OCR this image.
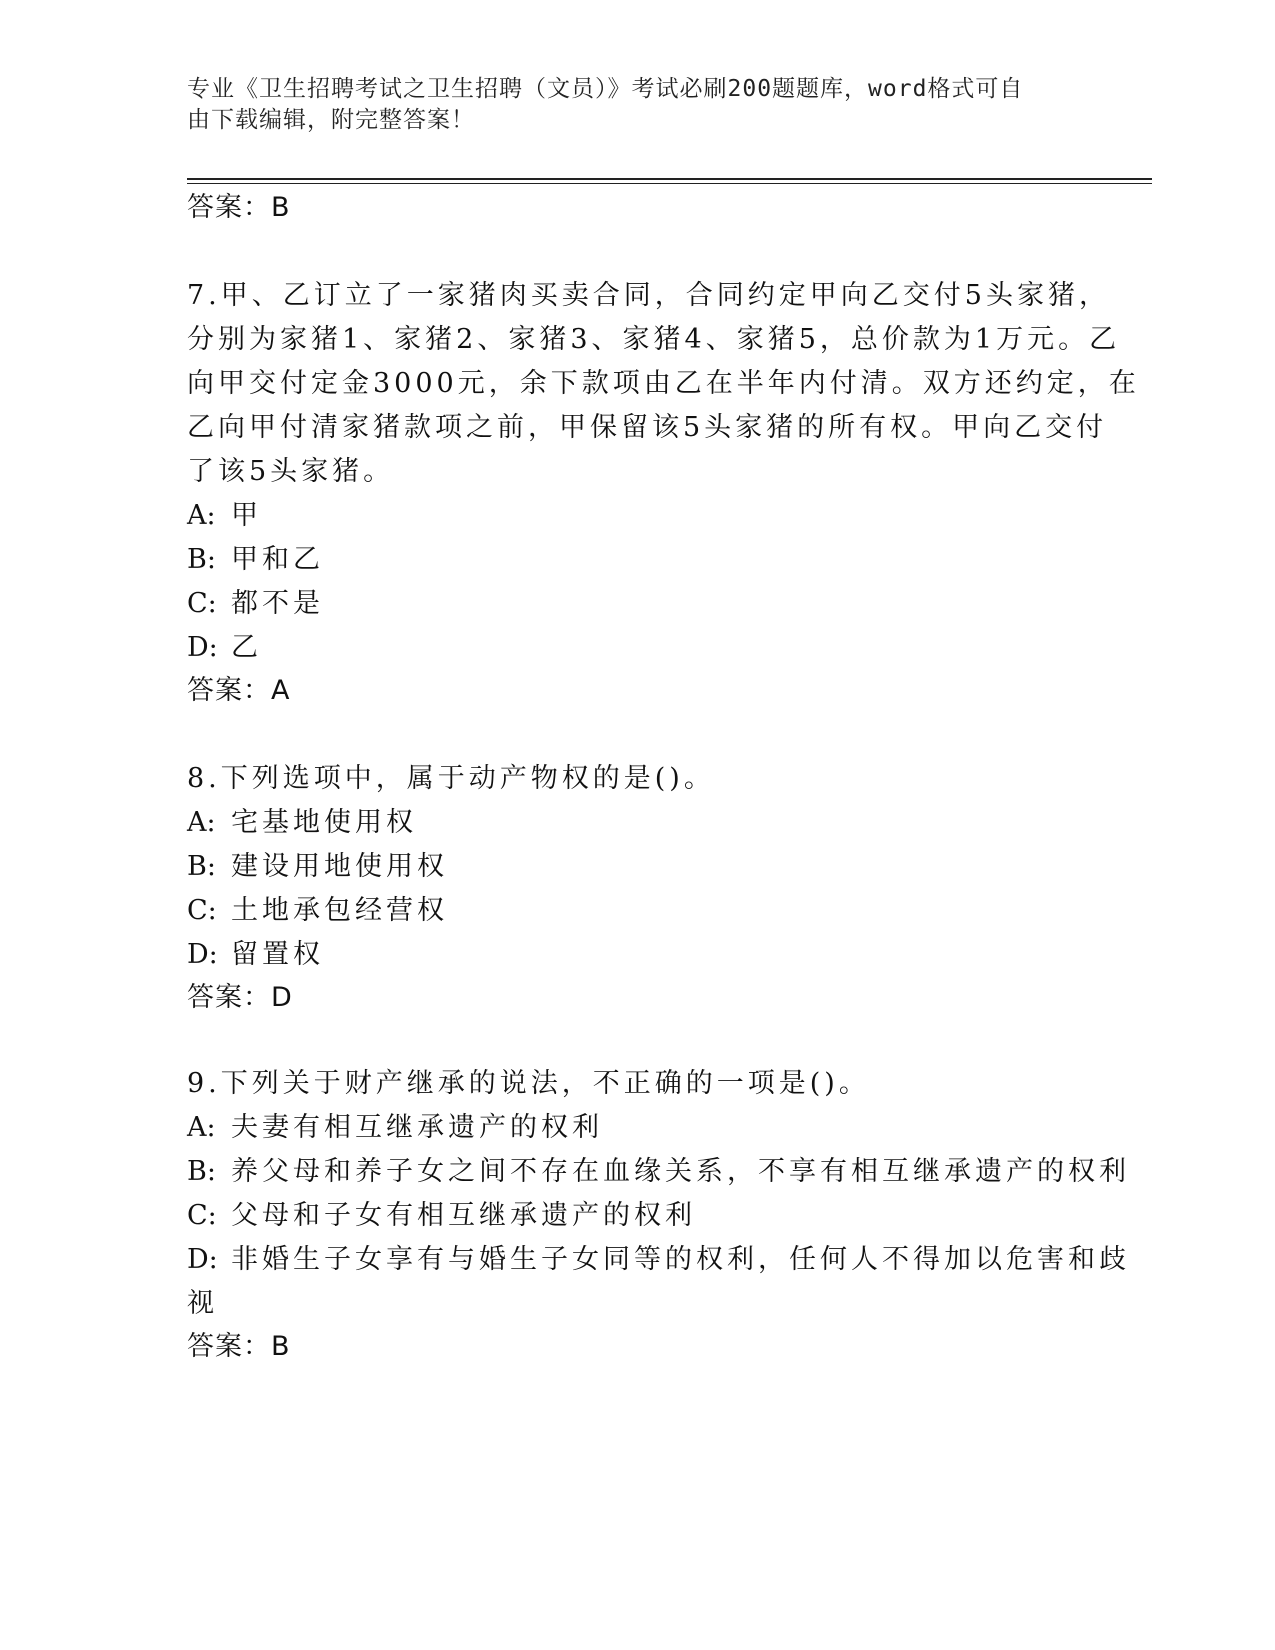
专业《卫生招聘考试之卫生招聘（文员）》考试必刷200题题库，word格式可自
由下载编辑，附完整答案！
答案：B
7.甲、乙订立了一家猪肉买卖合同，合同约定甲向乙交付5头家猪，
分别为家猪1、家猪2、家猪3、家猪4、家猪5，总价款为1万元。乙
向甲交付定金3000元，余下款项由乙在半年内付清。双方还约定，在
乙向甲付清家猪款项之前，甲保留该5头家猪的所有权。甲向乙交付
了该5头家猪。
A: 甲
B: 甲和乙
C: 都不是
D: 乙
答案：A
8.下列选项中，属于动产物权的是()。
A: 宅基地使用权
B: 建设用地使用权
C: 土地承包经营权
D: 留置权
答案：D
9.下列关于财产继承的说法，不正确的一项是()。
A: 夫妻有相互继承遗产的权利
B: 养父母和养子女之间不存在血缘关系，不享有相互继承遗产的权利
C: 父母和子女有相互继承遗产的权利
D: 非婚生子女享有与婚生子女同等的权利，任何人不得加以危害和歧
视
答案：B
